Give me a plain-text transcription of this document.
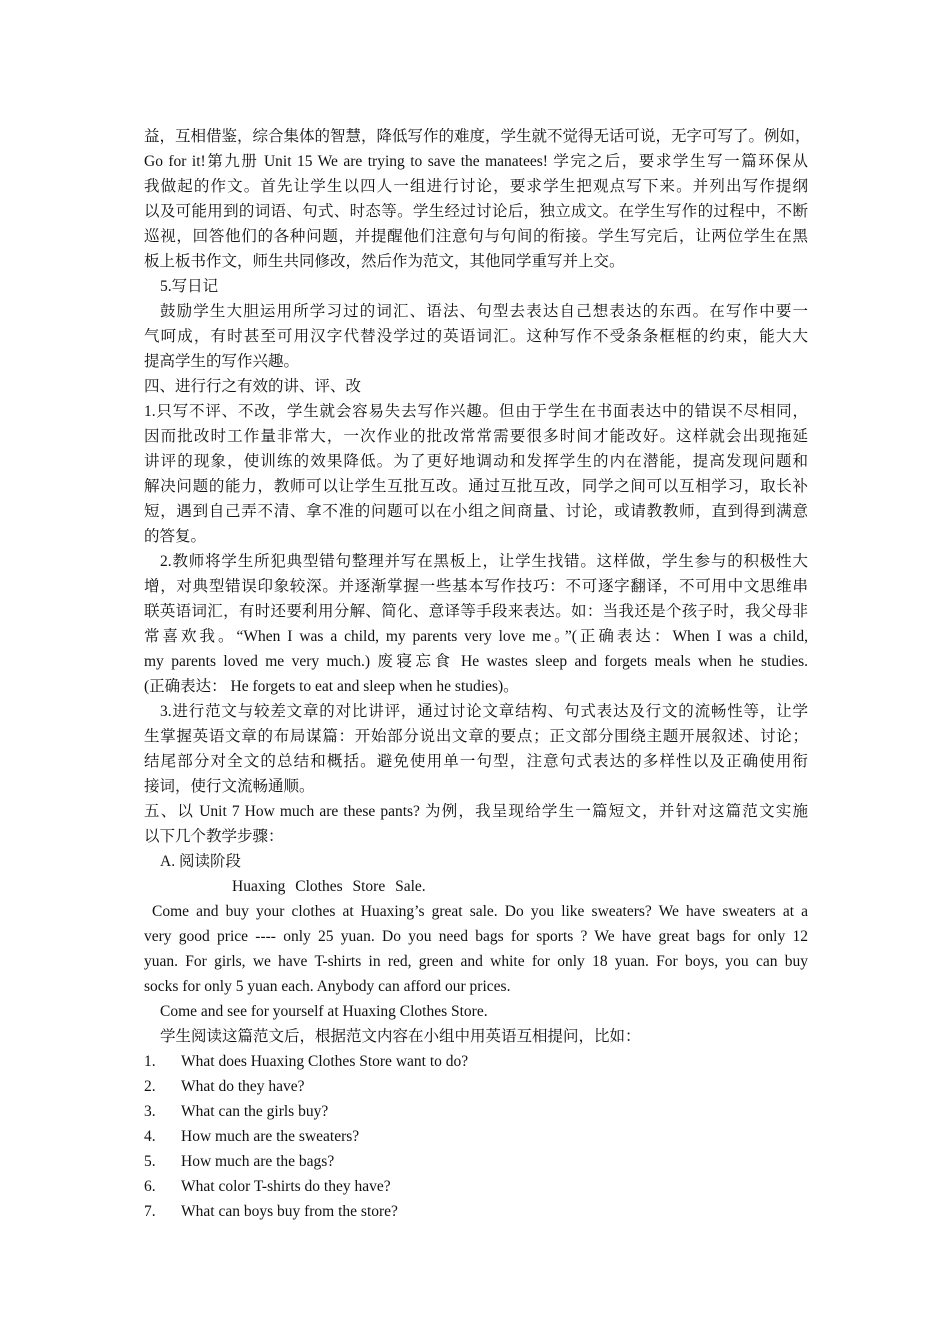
益，互相借鉴，综合集体的智慧，降低写作的难度，学生就不觉得无话可说，无字可写了。例如，
Go for it!第九册 Unit 15 We are trying to save the manatees! 学完之后，要求学生写一篇环保从
我做起的作文。首先让学生以四人一组进行讨论，要求学生把观点写下来。并列出写作提纲
以及可能用到的词语、句式、时态等。学生经过讨论后，独立成文。在学生写作的过程中，不断
巡视，回答他们的各种问题，并提醒他们注意句与句间的衔接。学生写完后，让两位学生在黑
板上板书作文，师生共同修改，然后作为范文，其他同学重写并上交。
5.写日记
鼓励学生大胆运用所学习过的词汇、语法、句型去表达自己想表达的东西。在写作中要一
气呵成，有时甚至可用汉字代替没学过的英语词汇。这种写作不受条条框框的约束，能大大
提高学生的写作兴趣。
四、进行行之有效的讲、评、改
1.只写不评、不改，学生就会容易失去写作兴趣。但由于学生在书面表达中的错误不尽相同，
因而批改时工作量非常大，一次作业的批改常常需要很多时间才能改好。这样就会出现拖延
讲评的现象，使训练的效果降低。为了更好地调动和发挥学生的内在潜能，提高发现问题和
解决问题的能力，教师可以让学生互批互改。通过互批互改，同学之间可以互相学习，取长补
短，遇到自己弄不清、拿不准的问题可以在小组之间商量、讨论，或请教教师，直到得到满意
的答复。
2.教师将学生所犯典型错句整理并写在黑板上，让学生找错。这样做，学生参与的积极性大
增，对典型错误印象较深。并逐渐掌握一些基本写作技巧：不可逐字翻译，不可用中文思维串
联英语词汇，有时还要利用分解、简化、意译等手段来表达。如：当我还是个孩子时，我父母非
常喜欢我。“When I was a child, my parents very love me。”(正确表达：When I was a child,
my parents loved me very much.) 废寝忘食 He wastes sleep and forgets meals when he studies.
(正确表达： He forgets to eat and sleep when he studies)。
3.进行范文与较差文章的对比讲评，通过讨论文章结构、句式表达及行文的流畅性等，让学
生掌握英语文章的布局谋篇：开始部分说出文章的要点；正文部分围绕主题开展叙述、讨论；
结尾部分对全文的总结和概括。避免使用单一句型，注意句式表达的多样性以及正确使用衔
接词，使行文流畅通顺。
五、以 Unit 7 How much are these pants? 为例，我呈现给学生一篇短文，并针对这篇范文实施
以下几个教学步骤：
A. 阅读阶段
Huaxing Clothes Store Sale.
Come and buy your clothes at Huaxing’s great sale. Do you like sweaters? We have sweaters at a
very good price ---- only 25 yuan. Do you need bags for sports ? We have great bags for only 12
yuan. For girls, we have T-shirts in red, green and white for only 18 yuan. For boys, you can buy
socks for only 5 yuan each. Anybody can afford our prices.
Come and see for yourself at Huaxing Clothes Store.
学生阅读这篇范文后，根据范文内容在小组中用英语互相提问，比如：
1. What does Huaxing Clothes Store want to do?
2. What do they have?
3. What can the girls buy?
4. How much are the sweaters?
5. How much are the bags?
6. What color T-shirts do they have?
7. What can boys buy from the store?
